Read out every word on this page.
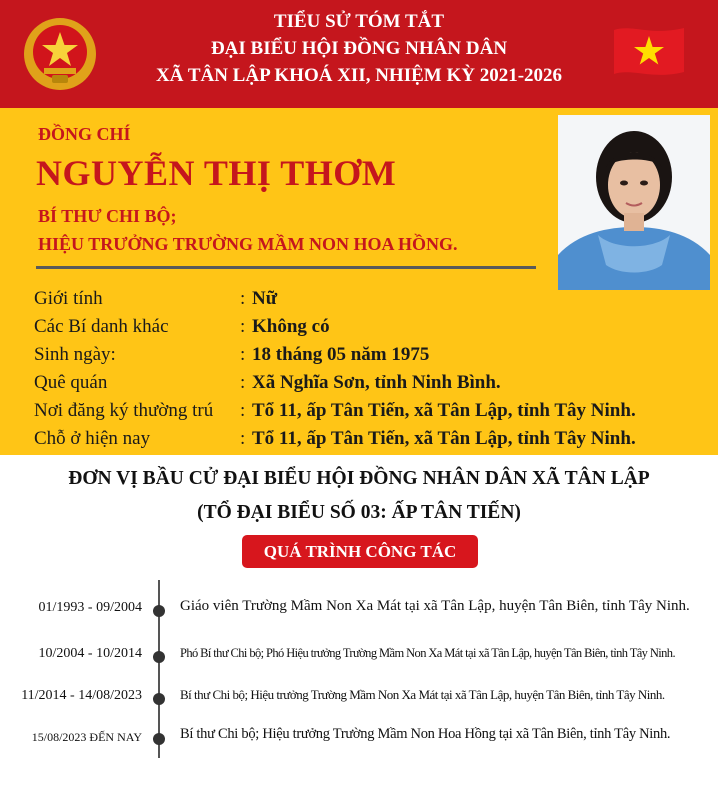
TIỂU SỬ TÓM TẮT
ĐẠI BIỂU HỘI ĐỒNG NHÂN DÂN
XÃ TÂN LẬP KHOÁ XII, NHIỆM KỲ 2021-2026
ĐỒNG CHÍ
NGUYỄN THỊ THƠM
BÍ THƯ CHI BỘ;
HIỆU TRƯỞNG TRƯỜNG MẦM NON HOA HỒNG.
Giới tính	: Nữ
Các Bí danh khác	: Không có
Sinh ngày:	: 18 tháng 05 năm 1975
Quê quán	: Xã Nghĩa Sơn, tỉnh Ninh Bình.
Nơi đăng ký thường trú : Tổ 11, ấp Tân Tiến, xã Tân Lập, tỉnh Tây Ninh.
Chỗ ở hiện nay	: Tổ 11, ấp Tân Tiến, xã Tân Lập, tỉnh Tây Ninh.
ĐƠN VỊ BẦU CỬ ĐẠI BIỂU HỘI ĐỒNG NHÂN DÂN XÃ TÂN LẬP
(TỔ ĐẠI BIỂU SỐ 03: ẤP TÂN TIẾN)
QUÁ TRÌNH CÔNG TÁC
01/1993 - 09/2004	Giáo viên Trường Mầm Non Xa Mát tại xã Tân Lập, huyện Tân Biên, tỉnh Tây Ninh.
10/2004 - 10/2014	Phó Bí thư Chi bộ; Phó Hiệu trưởng Trường Mầm Non Xa Mát tại xã Tân Lập, huyện Tân Biên, tỉnh Tây Ninh.
11/2014 - 14/08/2023	Bí thư Chi bộ; Hiệu trưởng Trường Mầm Non Xa Mát tại xã Tân Lập, huyện Tân Biên, tỉnh Tây Ninh.
15/08/2023 ĐẾN NAY	Bí thư Chi bộ; Hiệu trưởng Trường Mầm Non Hoa Hồng tại xã Tân Biên, tỉnh Tây Ninh.
